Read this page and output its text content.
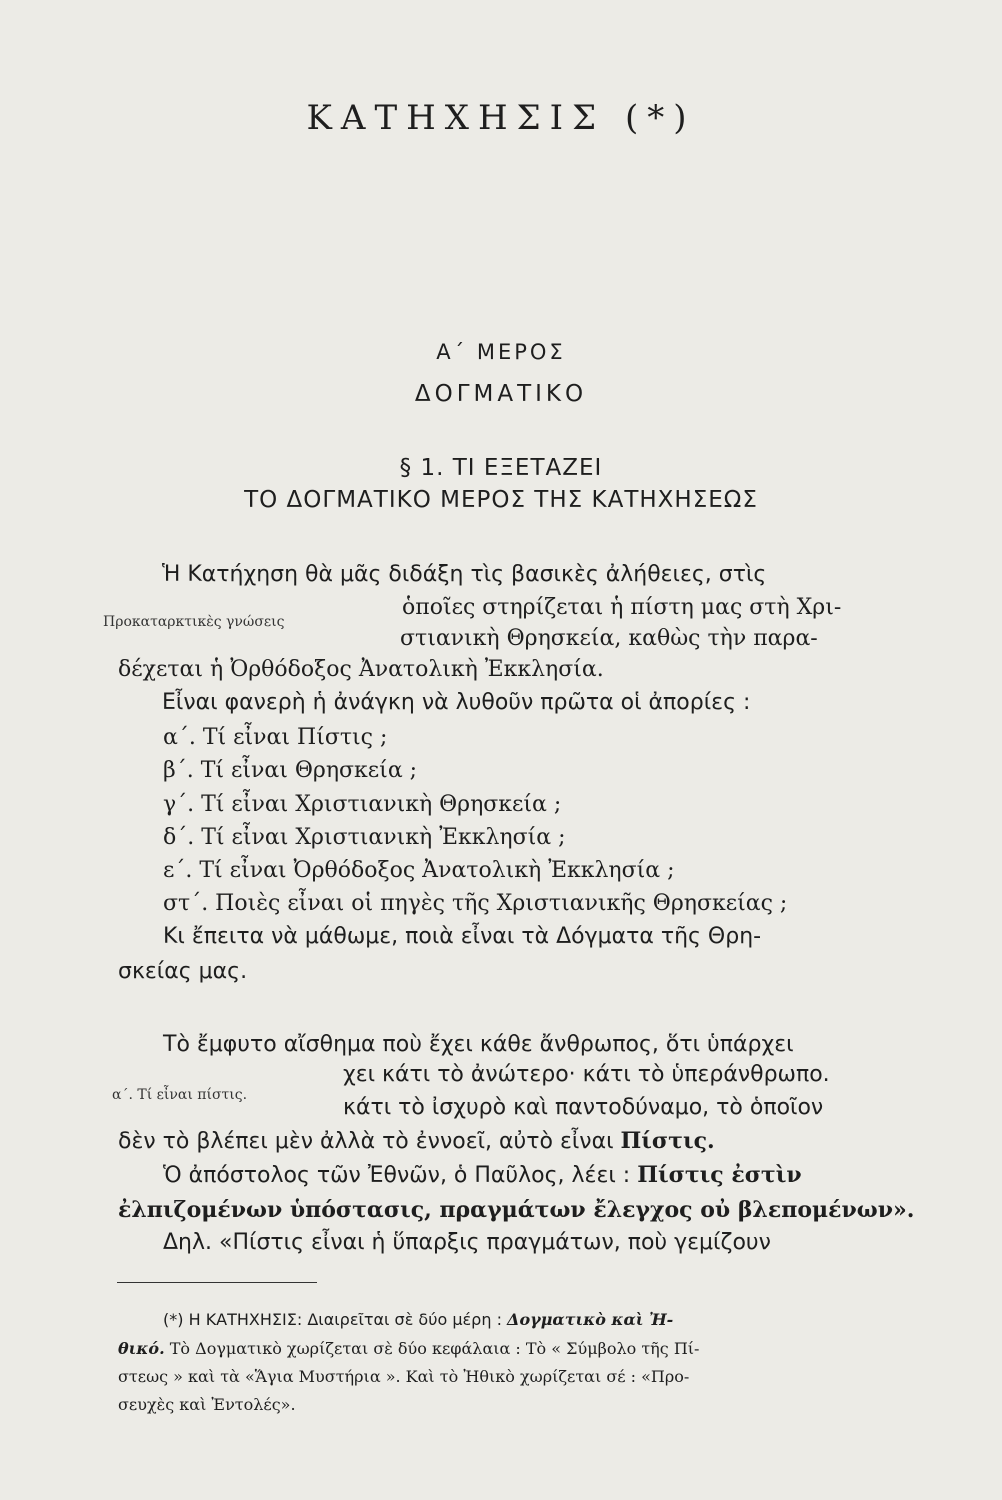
ΚΑΤΗΧΗΣΙΣ (*)
Α΄ ΜΕΡΟΣ
ΔΟΓΜΑΤΙΚΟ
§ 1. ΤΙ ΕΞΕΤΑΖΕΙ
ΤΟ ΔΟΓΜΑΤΙΚΟ ΜΕΡΟΣ ΤΗΣ ΚΑΤΗΧΗΣΕΩΣ
Ἡ Κατήχηση θὰ μᾶς διδάξη τὶς βασικὲς ἀλήθειες, στὶς
Προκαταρκτικὲς γνώσεις
ὁποῖες στηρίζεται ἡ πίστη μας στὴ Χρι-
στιανικὴ Θρησκεία, καθὼς τὴν παρα-
δέχεται ἡ Ὀρθόδοξος Ἀνατολικὴ Ἐκκλησία.
Εἶναι φανερὴ ἡ ἀνάγκη νὰ λυθοῦν πρῶτα οἱ ἀπορίες :
α΄. Τί εἶναι Πίστις ;
β΄. Τί εἶναι Θρησκεία ;
γ΄. Τί εἶναι Χριστιανικὴ Θρησκεία ;
δ΄. Τί εἶναι Χριστιανικὴ Ἐκκλησία ;
ε΄. Τί εἶναι Ὀρθόδοξος Ἀνατολικὴ Ἐκκλησία ;
στ΄. Ποιὲς εἶναι οἱ πηγὲς τῆς Χριστιανικῆς Θρησκείας ;
Κι ἔπειτα νὰ μάθωμε, ποιὰ εἶναι τὰ Δόγματα τῆς Θρη-
σκείας μας.
Τὸ ἔμφυτο αἴσθημα ποὺ ἔχει κάθε ἄνθρωπος, ὅτι ὑπάρχει
α΄. Τί εἶναι πίστις.
χει κάτι τὸ ἀνώτερο· κάτι τὸ ὑπεράνθρωπο.
κάτι τὸ ἰσχυρὸ καὶ παντοδύναμο, τὸ ὁποῖον
δὲν τὸ βλέπει μὲν ἀλλὰ τὸ ἐννοεῖ, αὐτὸ εἶναι Πίστις.
Ὁ ἀπόστολος τῶν Ἐθνῶν, ὁ Παῦλος, λέει : Πίστις ἐστὶν
ἐλπιζομένων ὑπόστασις, πραγμάτων ἔλεγχος οὐ βλεπομένων».
Δηλ. «Πίστις εἶναι ἡ ὕπαρξις πραγμάτων, ποὺ γεμίζουν
(*) Η ΚΑΤΗΧΗΣΙΣ: Διαιρεῖται σὲ δύο μέρη : Δογματικὸ καὶ Ἠ-
θικό. Τὸ Δογματικὸ χωρίζεται σὲ δύο κεφάλαια : Τὸ « Σύμβολο τῆς Πί-
στεως » καὶ τὰ «Ἅγια Μυστήρια ». Καὶ τὸ Ἠθικὸ χωρίζεται σέ : «Προ-
σευχὲς καὶ Ἐντολές».
